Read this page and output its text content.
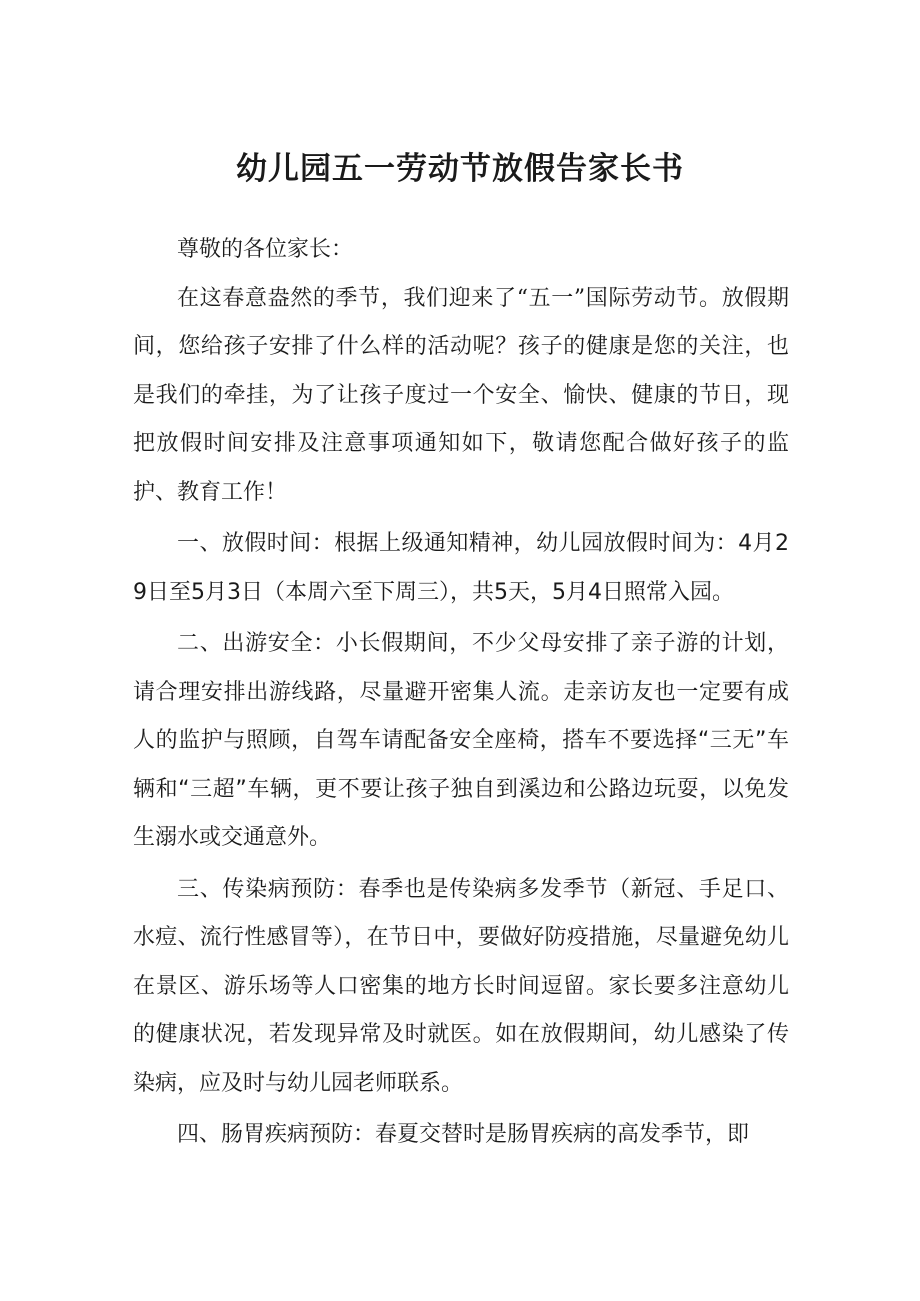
幼儿园五一劳动节放假告家长书

尊敬的各位家长：

在这春意盎然的季节，我们迎来了“五一”国际劳动节。放假期间，您给孩子安排了什么样的活动呢？孩子的健康是您的关注，也是我们的牵挂，为了让孩子度过一个安全、愉快、健康的节日，现把放假时间安排及注意事项通知如下，敬请您配合做好孩子的监护、教育工作！

一、放假时间：根据上级通知精神，幼儿园放假时间为：4月29日至5月3日（本周六至下周三），共5天，5月4日照常入园。

二、出游安全：小长假期间，不少父母安排了亲子游的计划，请合理安排出游线路，尽量避开密集人流。走亲访友也一定要有成人的监护与照顾，自驾车请配备安全座椅，搭车不要选择“三无”车辆和“三超”车辆，更不要让孩子独自到溪边和公路边玩耍，以免发生溺水或交通意外。

三、传染病预防：春季也是传染病多发季节（新冠、手足口、水痘、流行性感冒等），在节日中，要做好防疫措施，尽量避免幼儿在景区、游乐场等人口密集的地方长时间逗留。家长要多注意幼儿的健康状况，若发现异常及时就医。如在放假期间，幼儿感染了传染病，应及时与幼儿园老师联系。

四、肠胃疾病预防：春夏交替时是肠胃疾病的高发季节，即
